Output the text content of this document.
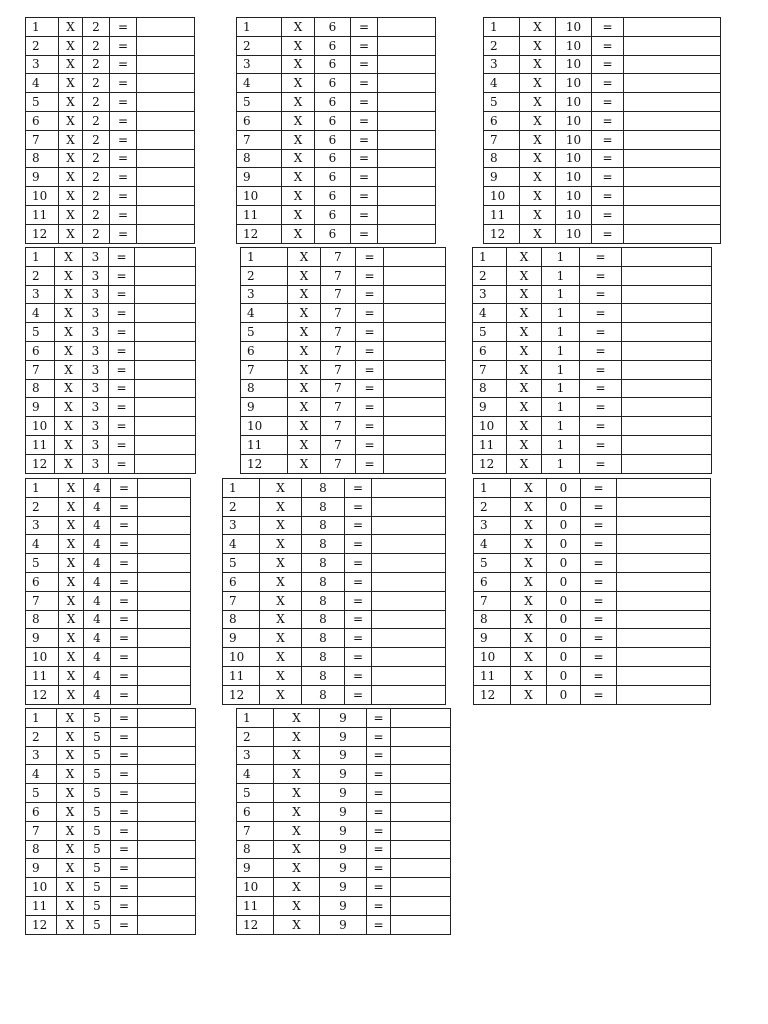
1	X	2	=	
2	X	2	=	
3	X	2	=	
4	X	2	=	
5	X	2	=	
6	X	2	=	
7	X	2	=	
8	X	2	=	
9	X	2	=	
10	X	2	=	
11	X	2	=	
12	X	2	=	
1	X	6	=	
2	X	6	=	
3	X	6	=	
4	X	6	=	
5	X	6	=	
6	X	6	=	
7	X	6	=	
8	X	6	=	
9	X	6	=	
10	X	6	=	
11	X	6	=	
12	X	6	=	
1	X	10	=	
2	X	10	=	
3	X	10	=	
4	X	10	=	
5	X	10	=	
6	X	10	=	
7	X	10	=	
8	X	10	=	
9	X	10	=	
10	X	10	=	
11	X	10	=	
12	X	10	=	
1	X	3	=	
2	X	3	=	
3	X	3	=	
4	X	3	=	
5	X	3	=	
6	X	3	=	
7	X	3	=	
8	X	3	=	
9	X	3	=	
10	X	3	=	
11	X	3	=	
12	X	3	=	
1	X	7	=	
2	X	7	=	
3	X	7	=	
4	X	7	=	
5	X	7	=	
6	X	7	=	
7	X	7	=	
8	X	7	=	
9	X	7	=	
10	X	7	=	
11	X	7	=	
12	X	7	=	
1	X	1	=	
2	X	1	=	
3	X	1	=	
4	X	1	=	
5	X	1	=	
6	X	1	=	
7	X	1	=	
8	X	1	=	
9	X	1	=	
10	X	1	=	
11	X	1	=	
12	X	1	=	
1	X	4	=	
2	X	4	=	
3	X	4	=	
4	X	4	=	
5	X	4	=	
6	X	4	=	
7	X	4	=	
8	X	4	=	
9	X	4	=	
10	X	4	=	
11	X	4	=	
12	X	4	=	
1	X	8	=	
2	X	8	=	
3	X	8	=	
4	X	8	=	
5	X	8	=	
6	X	8	=	
7	X	8	=	
8	X	8	=	
9	X	8	=	
10	X	8	=	
11	X	8	=	
12	X	8	=	
1	X	0	=	
2	X	0	=	
3	X	0	=	
4	X	0	=	
5	X	0	=	
6	X	0	=	
7	X	0	=	
8	X	0	=	
9	X	0	=	
10	X	0	=	
11	X	0	=	
12	X	0	=	
1	X	5	=	
2	X	5	=	
3	X	5	=	
4	X	5	=	
5	X	5	=	
6	X	5	=	
7	X	5	=	
8	X	5	=	
9	X	5	=	
10	X	5	=	
11	X	5	=	
12	X	5	=	
1	X	9	=	
2	X	9	=	
3	X	9	=	
4	X	9	=	
5	X	9	=	
6	X	9	=	
7	X	9	=	
8	X	9	=	
9	X	9	=	
10	X	9	=	
11	X	9	=	
12	X	9	=	
